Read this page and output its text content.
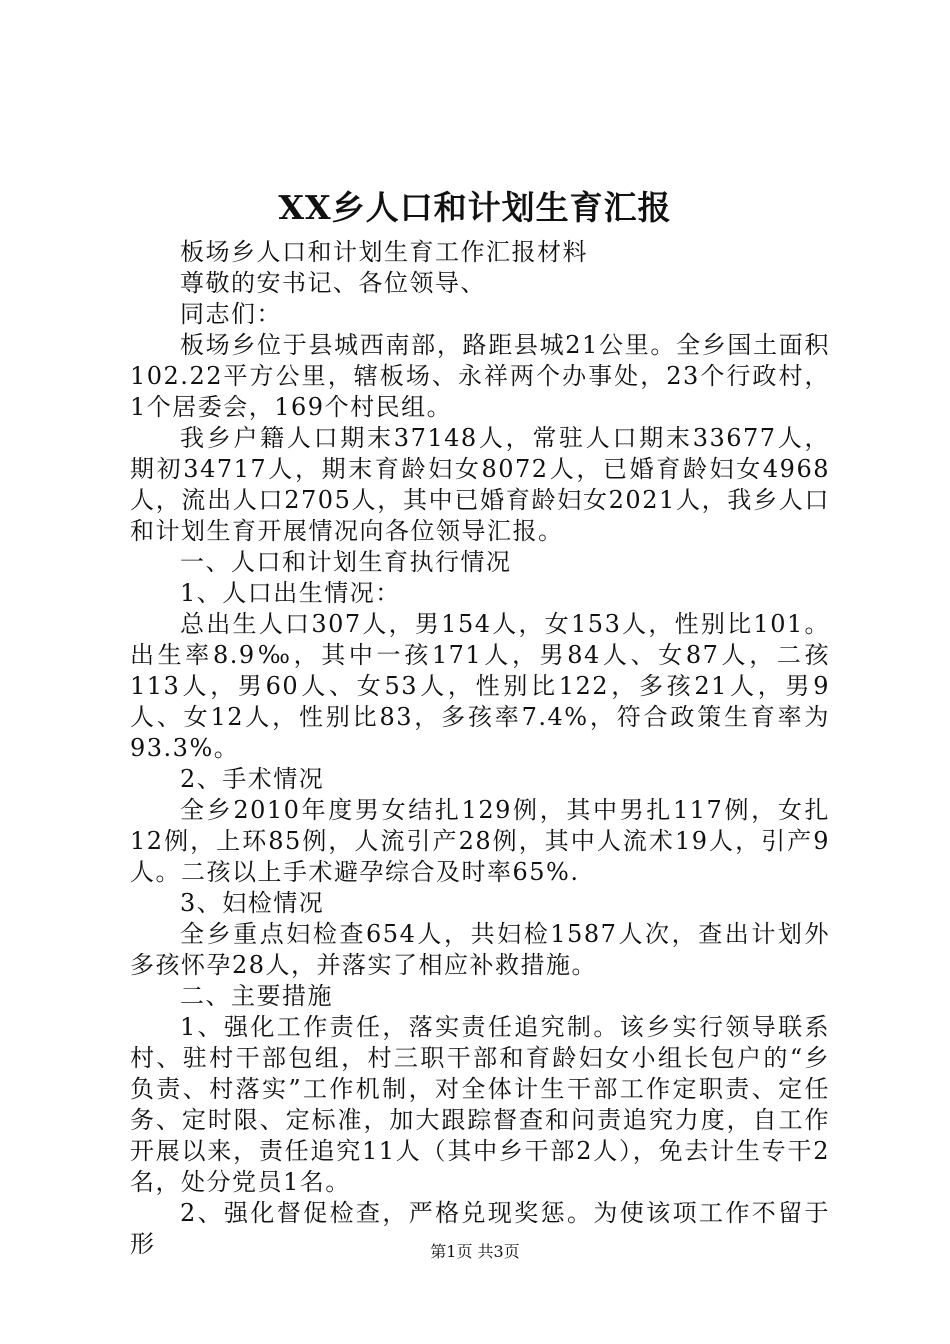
XX乡人口和计划生育汇报

板场乡人口和计划生育工作汇报材料

尊敬的安书记、各位领导、

同志们：

板场乡位于县城西南部，路距县城21公里。全乡国土面积102.22平方公里，辖板场、永祥两个办事处，23个行政村，1个居委会，169个村民组。

我乡户籍人口期末37148人，常驻人口期末33677人，期初34717人，期末育龄妇女8072人，已婚育龄妇女4968人，流出人口2705人，其中已婚育龄妇女2021人，我乡人口和计划生育开展情况向各位领导汇报。

一、人口和计划生育执行情况

1、人口出生情况：

总出生人口307人，男154人，女153人，性别比101。出生率8.9‰，其中一孩171人，男84人、女87人，二孩113人，男60人、女53人，性别比122，多孩21人，男9人、女12人，性别比83，多孩率7.4%，符合政策生育率为93.3%。

2、手术情况

全乡2010年度男女结扎129例，其中男扎117例，女扎12例，上环85例，人流引产28例，其中人流术19人，引产9人。二孩以上手术避孕综合及时率65%.

3、妇检情况

全乡重点妇检查654人，共妇检1587人次，查出计划外多孩怀孕28人，并落实了相应补救措施。

二、主要措施

1、强化工作责任，落实责任追究制。该乡实行领导联系村、驻村干部包组，村三职干部和育龄妇女小组长包户的“乡负责、村落实”工作机制，对全体计生干部工作定职责、定任务、定时限、定标准，加大跟踪督查和问责追究力度，自工作开展以来，责任追究11人（其中乡干部2人），免去计生专干2名，处分党员1名。

2、强化督促检查，严格兑现奖惩。为使该项工作不留于形	第1页 共3页
